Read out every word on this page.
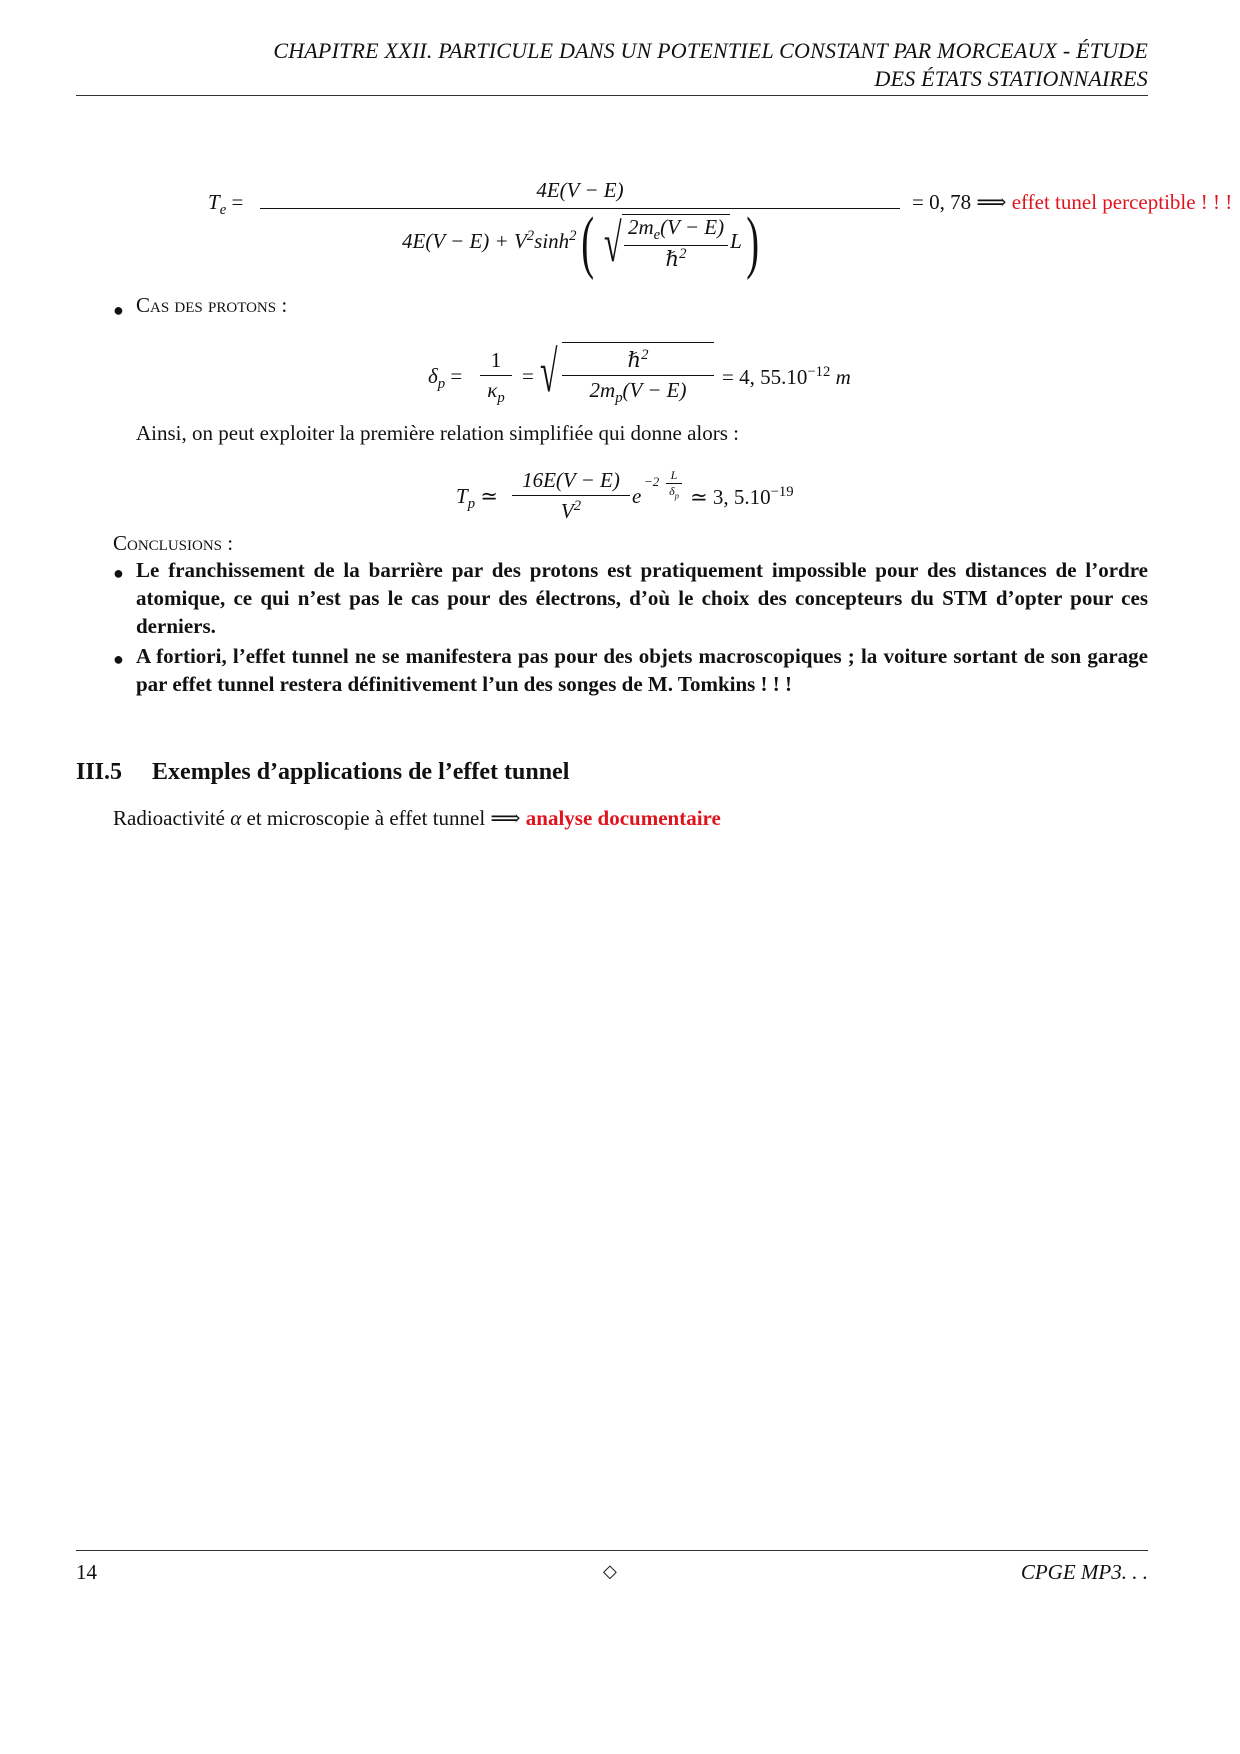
CHAPITRE XXII. PARTICULE DANS UN POTENTIEL CONSTANT PAR MORCEAUX - ÉTUDE
DES ÉTATS STATIONNAIRES
$T_e$ =	4E(V − E)
$4E(V - E) + V^2\sinh^2$ ( √ $\frac{2m_e(V - E)}{\hbar^2}$ L )
= 0, 78 ⟹ effet tunel perceptible ! ! !
● Cas des protons :
$\delta_p$ =
1
$\kappa_p$
= √	ℏ$^2$
$2m_p(V - E)$
= 4, $55.10^{-12}$ m
Ainsi, on peut exploiter la première relation simplifiée qui donne alors :
$T_p$ ≃
16E(V − E)
$V^2$	e
−2 L
$\delta_p$ ≃ 3, $5.10^{-19}$
Conclusions :
● Le franchissement de la barrière par des protons est pratiquement impossible pour des distances de l’ordre atomique, ce qui n’est pas le cas pour des électrons, d’où le choix des concepteurs du STM d’opter pour ces derniers.
● A fortiori, l’effet tunnel ne se manifestera pas pour des objets macroscopiques ; la voiture sortant de son garage par effet tunnel restera définitivement l’un des songes de M. Tomkins ! ! !
III.5 Exemples d’applications de l’effet tunnel
Radioactivité α et microscopie à effet tunnel ⟹ analyse documentaire
14	◇	CPGE MP3. . .
